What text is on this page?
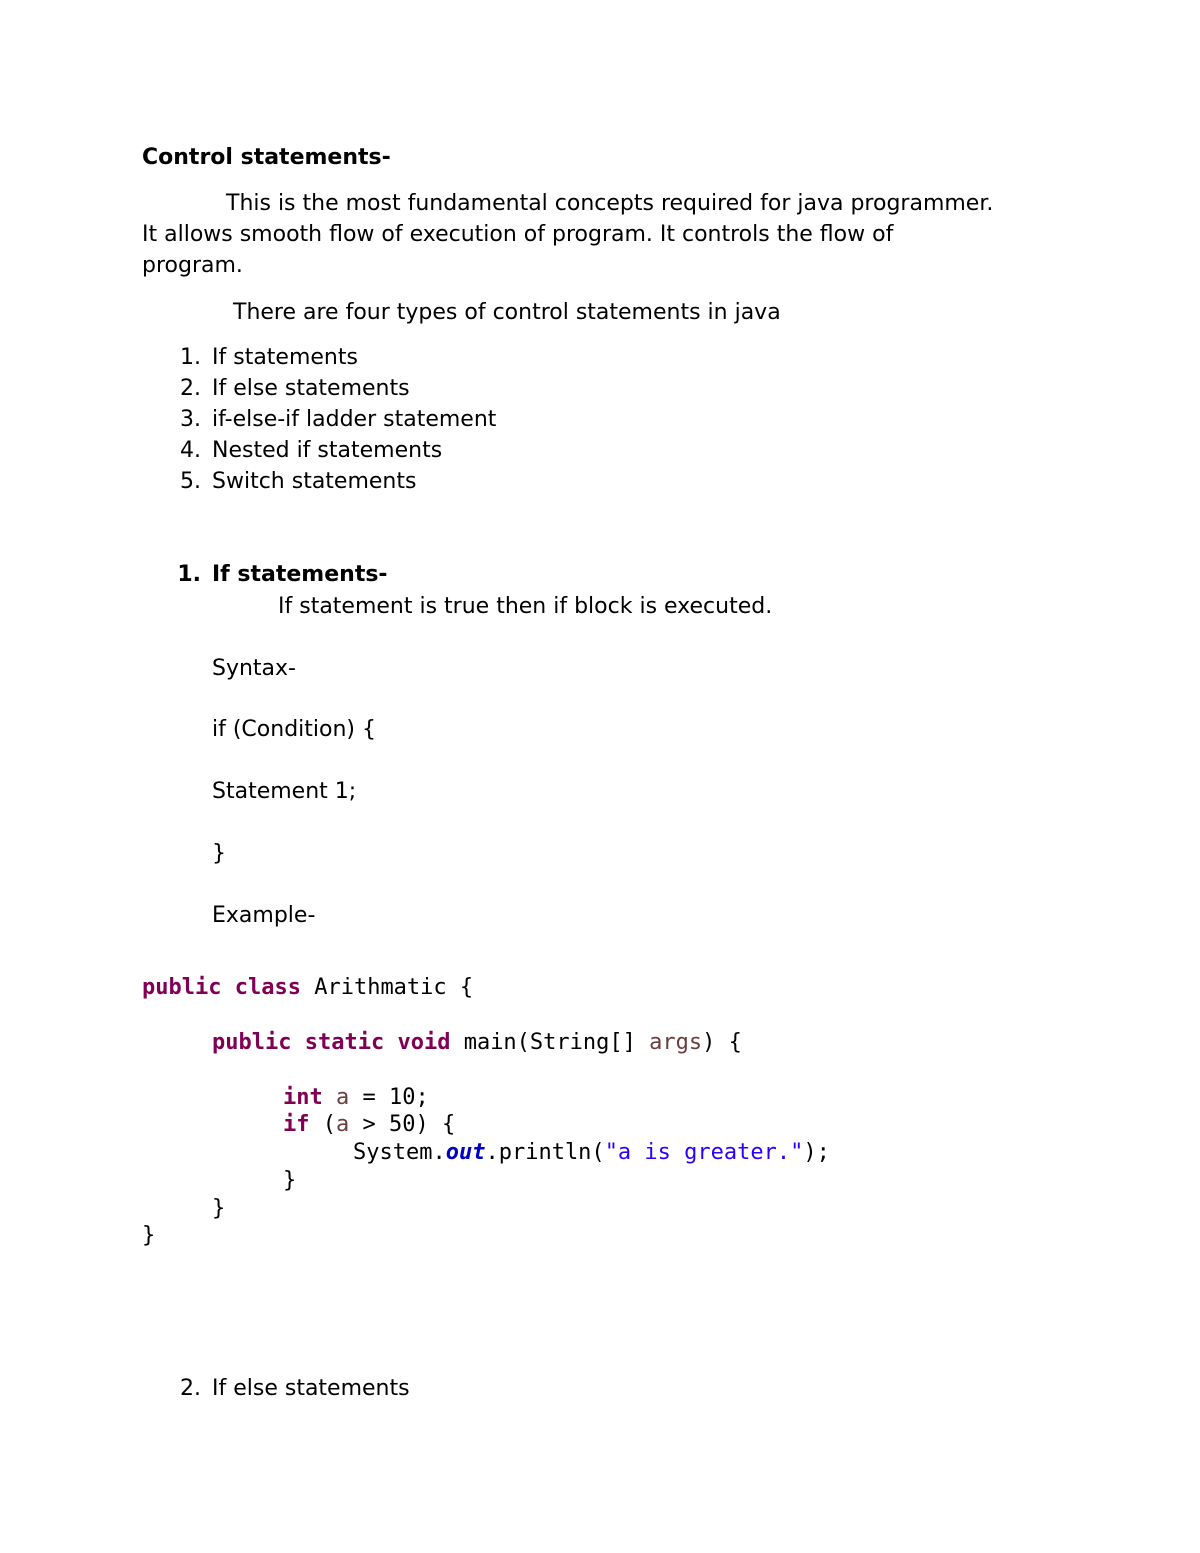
Control statements-
This is the most fundamental concepts required for java programmer.
It allows smooth flow of execution of program. It controls the flow of
program.
There are four types of control statements in java
1. If statements
2. If else statements
3. if-else-if ladder statement
4. Nested if statements
5. Switch statements
1. If statements-
If statement is true then if block is executed.
Syntax-
if (Condition) {
Statement 1;
}
Example-
public class Arithmatic {
public static void main(String[] args) {
int a = 10;
if (a > 50) {
System.out.println("a is greater.");
}
}
}
2. If else statements
